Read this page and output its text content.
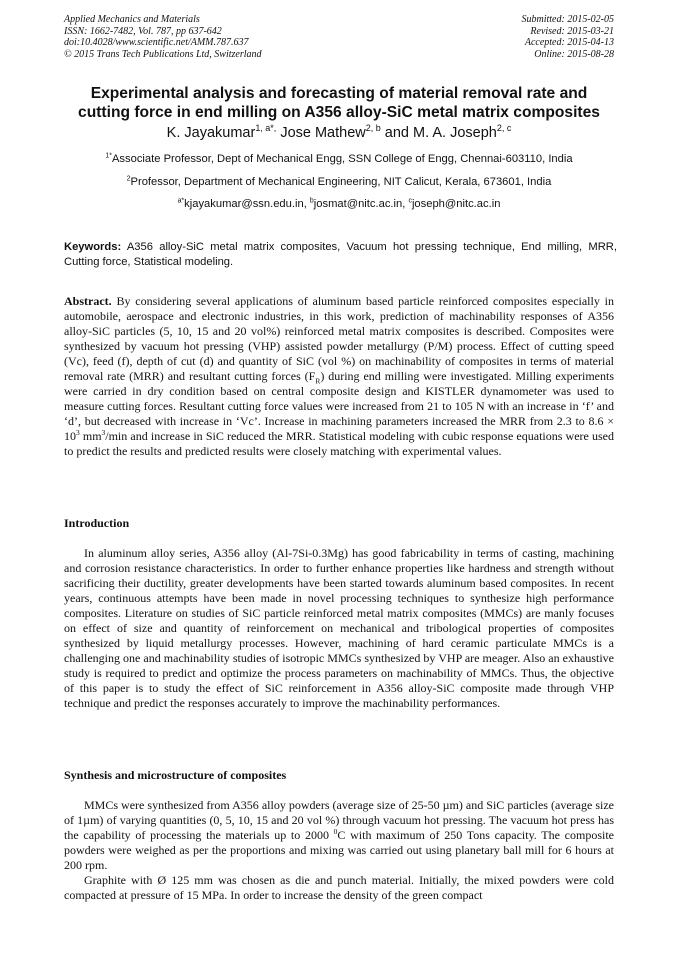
Applied Mechanics and Materials
ISSN: 1662-7482, Vol. 787, pp 637-642
doi:10.4028/www.scientific.net/AMM.787.637
© 2015 Trans Tech Publications Ltd, Switzerland
Submitted: 2015-02-05
Revised: 2015-03-21
Accepted: 2015-04-13
Online: 2015-08-28
Experimental analysis and forecasting of material removal rate and
cutting force in end milling on A356 alloy-SiC metal matrix composites
K. Jayakumar$^{1, a*,}$ Jose Mathew$^{2, b}$ and M. A. Joseph$^{2, c}$
$^{1*}$Associate Professor, Dept of Mechanical Engg, SSN College of Engg, Chennai-603110, India
$^2$Professor, Department of Mechanical Engineering, NIT Calicut, Kerala, 673601, India
$^{a*}$kjayakumar@ssn.edu.in, $^b$josmat@nitc.ac.in, $^c$joseph@nitc.ac.in
Keywords: A356 alloy-SiC metal matrix composites, Vacuum hot pressing technique, End milling, MRR, Cutting force, Statistical modeling.
Abstract. By considering several applications of aluminum based particle reinforced composites especially in automobile, aerospace and electronic industries, in this work, prediction of machinability responses of A356 alloy-SiC particles (5, 10, 15 and 20 vol%) reinforced metal matrix composites is described. Composites were synthesized by vacuum hot pressing (VHP) assisted powder metallurgy (P/M) process. Effect of cutting speed (Vc), feed (f), depth of cut (d) and quantity of SiC (vol %) on machinability of composites in terms of material removal rate (MRR) and resultant cutting forces $(F_R)$ during end milling were investigated. Milling experiments were carried in dry condition based on central composite design and KISTLER dynamometer was used to measure cutting forces. Resultant cutting force values were increased from 21 to 105 N with an increase in ‘f’ and ‘d’, but decreased with increase in ‘Vc’. Increase in machining parameters increased the MRR from 2.3 to $8.6 \times 10^3$ $mm^3/\min$ and increase in SiC reduced the MRR. Statistical modeling with cubic response equations were used to predict the results and predicted results were closely matching with experimental values.
Introduction
In aluminum alloy series, A356 alloy (Al-7Si-0.3Mg) has good fabricability in terms of casting, machining and corrosion resistance characteristics. In order to further enhance properties like hardness and strength without sacrificing their ductility, greater developments have been started towards aluminum based composites. In recent years, continuous attempts have been made in novel processing techniques to synthesize high performance composites. Literature on studies of SiC particle reinforced metal matrix composites (MMCs) are manly focuses on effect of size and quantity of reinforcement on mechanical and tribological properties of composites synthesized by liquid metallurgy processes. However, machining of hard ceramic particulate MMCs is a challenging one and machinability studies of isotropic MMCs synthesized by VHP are meager. Also an exhaustive study is required to predict and optimize the process parameters on machinability of MMCs. Thus, the objective of this paper is to study the effect of SiC reinforcement in A356 alloy-SiC composite made through VHP technique and predict the responses accurately to improve the machinability performances.
Synthesis and microstructure of composites
MMCs were synthesized from A356 alloy powders (average size of 25-50 µm) and SiC particles (average size of 1µm) of varying quantities (0, 5, 10, 15 and 20 vol %) through vacuum hot pressing. The vacuum hot press has the capability of processing the materials up to 2000 $^0$C with maximum of 250 Tons capacity. The composite powders were weighed as per the proportions and mixing was carried out using planetary ball mill for 6 hours at 200 rpm.
Graphite with Ø 125 mm was chosen as die and punch material. Initially, the mixed powders were cold compacted at pressure of 15 MPa. In order to increase the density of the green compact
